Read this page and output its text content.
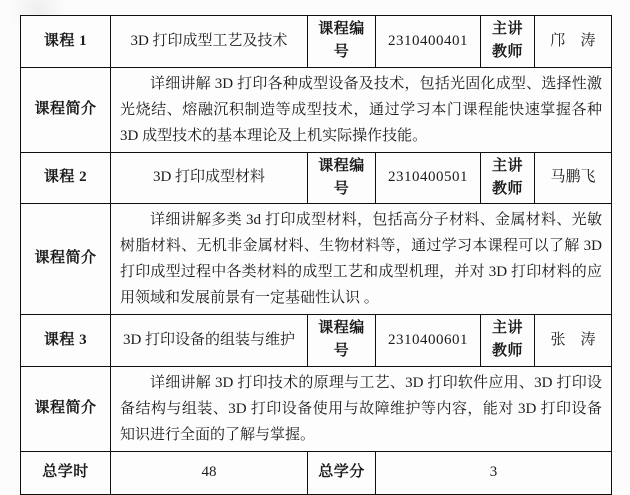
课程 1	3D 打印成型工艺及技术	课程编号	2310400401	主讲教师	邝　涛
课程简介	详细讲解 3D 打印各种成型设备及技术，包括光固化成型、选择性激光烧结、熔融沉积制造等成型技术，通过学习本门课程能快速掌握各种 3D 成型技术的基本理论及上机实际操作技能。				

课程 2	3D 打印成型材料	课程编号	2310400501	主讲教师	马鹏飞
课程简介	详细讲解多类 3d 打印成型材料，包括高分子材料、金属材料、光敏树脂材料、无机非金属材料、生物材料等，通过学习本课程可以了解 3D 打印成型过程中各类材料的成型工艺和成型机理，并对 3D 打印材料的应用领域和发展前景有一定基础性认识 。				

课程 3	3D 打印设备的组装与维护	课程编号	2310400601	主讲教师	张　涛
课程简介	详细讲解 3D 打印技术的原理与工艺、3D 打印软件应用、3D 打印设备结构与组装、3D 打印设备使用与故障维护等内容，能对 3D 打印设备知识进行全面的了解与掌握。				

总学时	48	总学分	3		
